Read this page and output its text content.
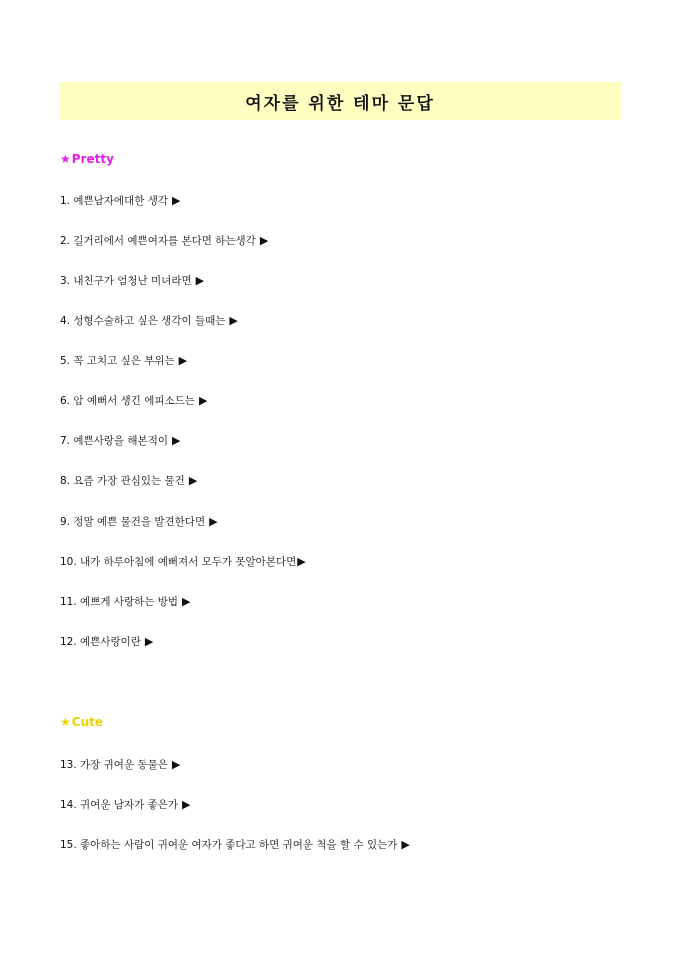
여자를 위한 테마 문답
★Pretty
1. 예쁜남자에대한 생각 ▶
2. 길거리에서 예쁜여자를 본다면 하는생각 ▶
3. 내친구가 엄청난 미녀라면 ▶
4. 성형수술하고 싶은 생각이 들때는 ▶
5. 꼭 고치고 싶은 부위는 ▶
6. 암 예뻐서 생긴 에피소드는 ▶
7. 예쁜사랑을 해본적이 ▶
8. 요즘 가장 관심있는 물건 ▶
9. 정말 예쁜 물건을 발견한다면 ▶
10. 내가 하루아침에 예뻐져서 모두가 못알아본다면▶
11. 예쁘게 사랑하는 방법 ▶
12. 예쁜사랑이란 ▶
★Cute
13. 가장 귀여운 동물은 ▶
14. 귀여운 남자가 좋은가 ▶
15. 좋아하는 사람이 귀여운 여자가 좋다고 하면 귀여운 척을 할 수 있는가 ▶
